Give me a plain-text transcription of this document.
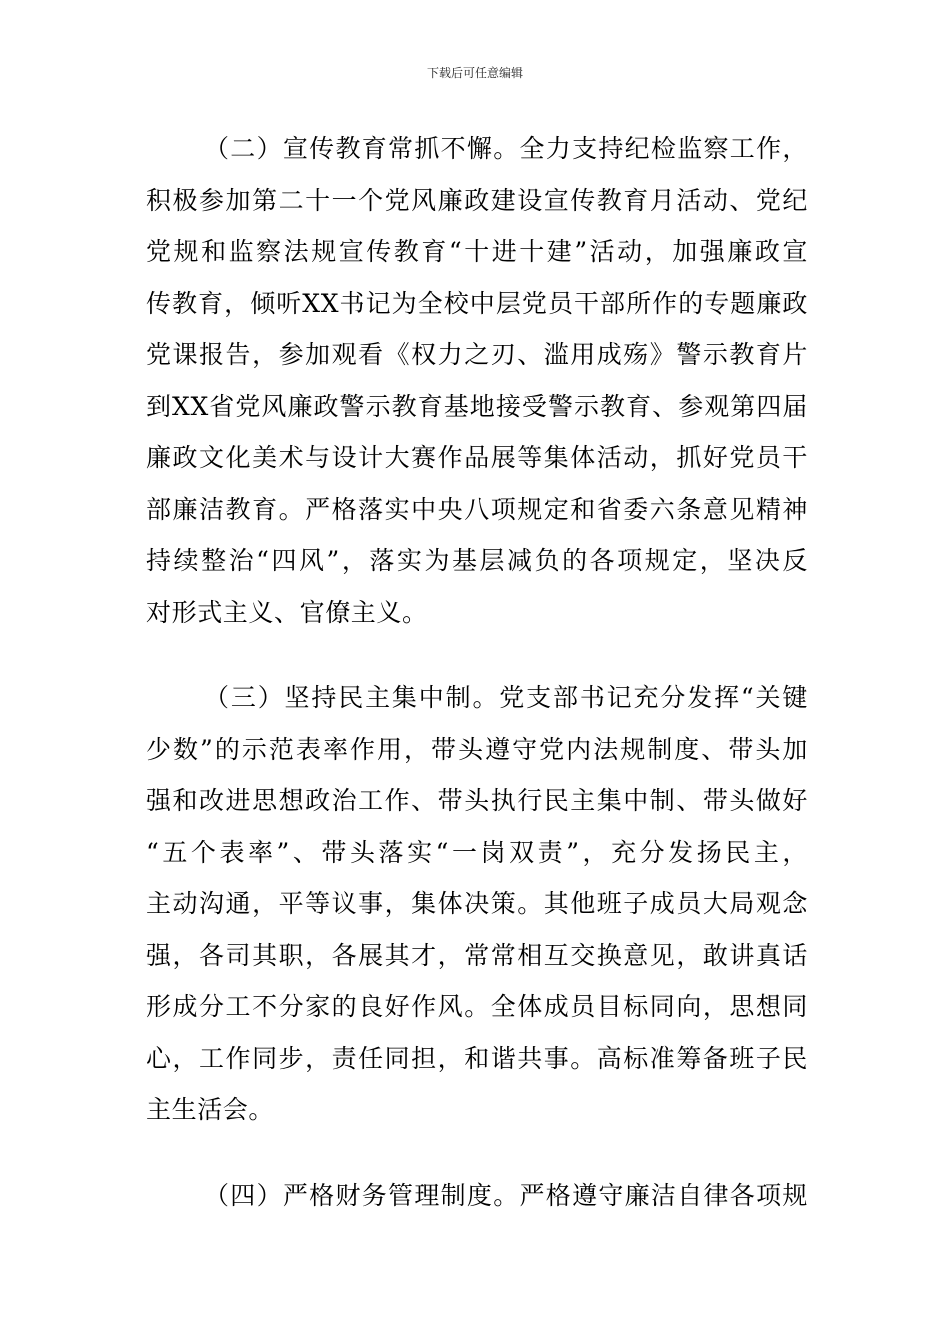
下载后可任意编辑
（二）宣传教育常抓不懈。全力支持纪检监察工作，
积极参加第二十一个党风廉政建设宣传教育月活动、党纪
党规和监察法规宣传教育“十进十建”活动，加强廉政宣
传教育，倾听XX书记为全校中层党员干部所作的专题廉政
党课报告，参加观看《权力之刃、滥用成殇》警示教育片
到XX省党风廉政警示教育基地接受警示教育、参观第四届
廉政文化美术与设计大赛作品展等集体活动，抓好党员干
部廉洁教育。严格落实中央八项规定和省委六条意见精神
持续整治“四风”，落实为基层减负的各项规定，坚决反
对形式主义、官僚主义。
（三）坚持民主集中制。党支部书记充分发挥“关键
少数”的示范表率作用，带头遵守党内法规制度、带头加
强和改进思想政治工作、带头执行民主集中制、带头做好
“五个表率”、带头落实“一岗双责”，充分发扬民主，
主动沟通，平等议事，集体决策。其他班子成员大局观念
强，各司其职，各展其才，常常相互交换意见，敢讲真话
形成分工不分家的良好作风。全体成员目标同向，思想同
心，工作同步，责任同担，和谐共事。高标准筹备班子民
主生活会。
（四）严格财务管理制度。严格遵守廉洁自律各项规
